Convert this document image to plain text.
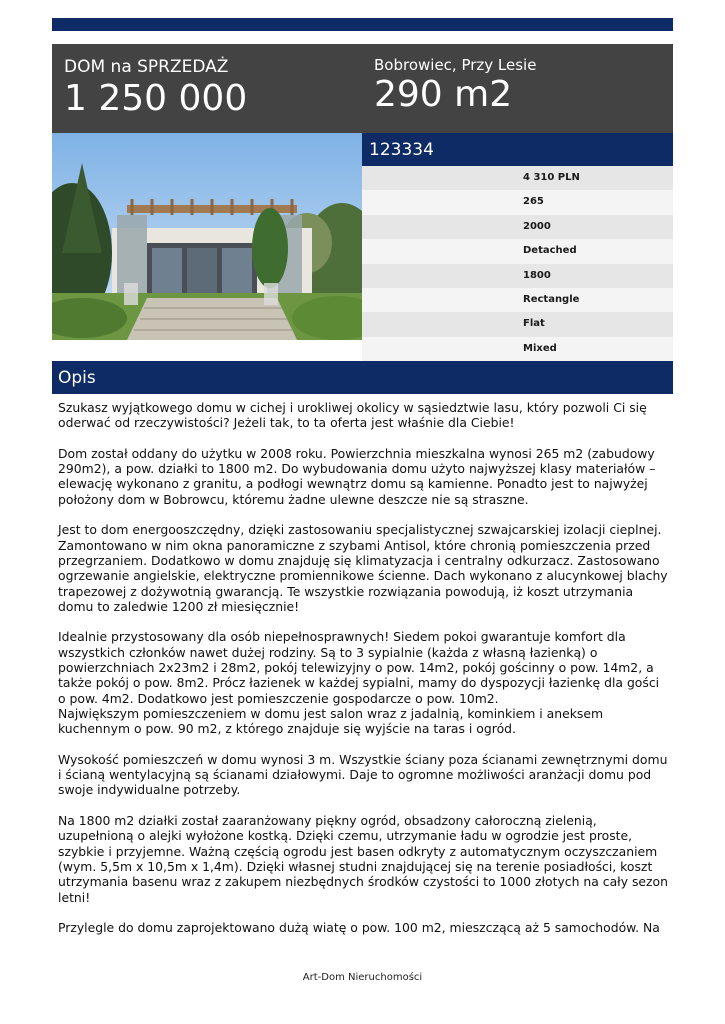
DOM na SPRZEDAŻ
1 250 000
Bobrowiec, Przy Lesie
290 m2
123334
4 310 PLN
265
2000
Detached
1800
Rectangle
Flat
Mixed
Opis

Szukasz wyjątkowego domu w cichej i urokliwej okolicy w sąsiedztwie lasu, który pozwoli Ci się oderwać od rzeczywistości? Jeżeli tak, to ta oferta jest właśnie dla Ciebie!

Dom został oddany do użytku w 2008 roku. Powierzchnia mieszkalna wynosi 265 m2 (zabudowy 290m2), a pow. działki to 1800 m2. Do wybudowania domu użyto najwyższej klasy materiałów – elewację wykonano z granitu, a podłogi wewnątrz domu są kamienne. Ponadto jest to najwyżej położony dom w Bobrowcu, któremu żadne ulewne deszcze nie są straszne.

Jest to dom energooszczędny, dzięki zastosowaniu specjalistycznej szwajcarskiej izolacji cieplnej. Zamontowano w nim okna panoramiczne z szybami Antisol, które chronią pomieszczenia przed przegrzaniem. Dodatkowo w domu znajduję się klimatyzacja i centralny odkurzacz. Zastosowano ogrzewanie angielskie, elektryczne promiennikowe ścienne. Dach wykonano z alucynkowej blachy trapezowej z dożywotnią gwarancją. Te wszystkie rozwiązania powodują, iż koszt utrzymania domu to zaledwie 1200 zł miesięcznie!

Idealnie przystosowany dla osób niepełnosprawnych! Siedem pokoi gwarantuje komfort dla wszystkich członków nawet dużej rodziny. Są to 3 sypialnie (każda z własną łazienką) o powierzchniach 2x23m2 i 28m2, pokój telewizyjny o pow. 14m2, pokój gościnny o pow. 14m2, a także pokój o pow. 8m2. Prócz łazienek w każdej sypialni, mamy do dyspozycji łazienkę dla gości o pow. 4m2. Dodatkowo jest pomieszczenie gospodarcze o pow. 10m2.
Największym pomieszczeniem w domu jest salon wraz z jadalnią, kominkiem i aneksem kuchennym o pow. 90 m2, z którego znajduje się wyjście na taras i ogród.

Wysokość pomieszczeń w domu wynosi 3 m. Wszystkie ściany poza ścianami zewnętrznymi domu i ścianą wentylacyjną są ścianami działowymi. Daje to ogromne możliwości aranżacji domu pod swoje indywidualne potrzeby.

Na 1800 m2 działki został zaaranżowany piękny ogród, obsadzony całoroczną zielenią, uzupełnioną o alejki wyłożone kostką. Dzięki czemu, utrzymanie ładu w ogrodzie jest proste, szybkie i przyjemne. Ważną częścią ogrodu jest basen odkryty z automatycznym oczyszczaniem (wym. 5,5m x 10,5m x 1,4m). Dzięki własnej studni znajdującej się na terenie posiadłości, koszt utrzymania basenu wraz z zakupem niezbędnych środków czystości to 1000 złotych na cały sezon letni!

Przylegle do domu zaprojektowano dużą wiatę o pow. 100 m2, mieszczącą aż 5 samochodów. Na

Art-Dom Nieruchomości
